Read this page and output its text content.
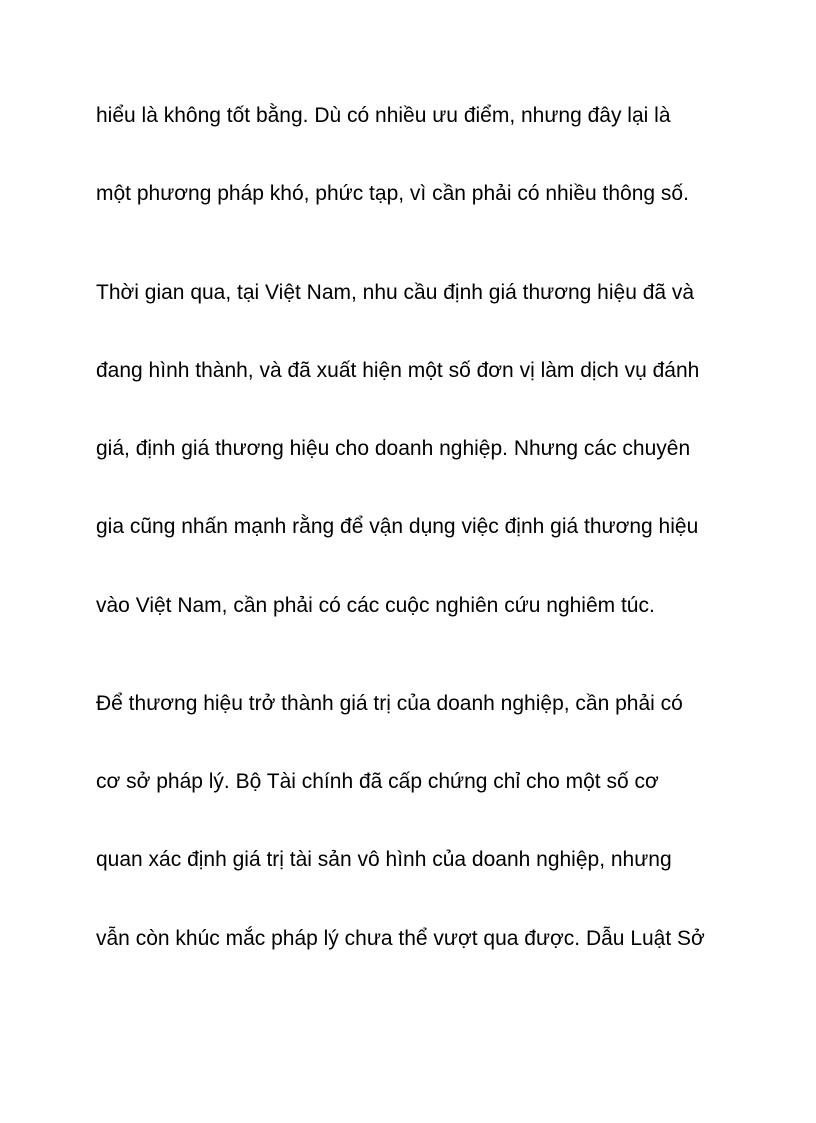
hiểu là không tốt bằng. Dù có nhiều ưu điểm, nhưng đây lại là

một phương pháp khó, phức tạp, vì cần phải có nhiều thông số.

Thời gian qua, tại Việt Nam, nhu cầu định giá thương hiệu đã và

đang hình thành, và đã xuất hiện một số đơn vị làm dịch vụ đánh

giá, định giá thương hiệu cho doanh nghiệp. Nhưng các chuyên

gia cũng nhấn mạnh rằng để vận dụng việc định giá thương hiệu

vào Việt Nam, cần phải có các cuộc nghiên cứu nghiêm túc.

Để thương hiệu trở thành giá trị của doanh nghiệp, cần phải có

cơ sở pháp lý. Bộ Tài chính đã cấp chứng chỉ cho một số cơ

quan xác định giá trị tài sản vô hình của doanh nghiệp, nhưng

vẫn còn khúc mắc pháp lý chưa thể vượt qua được. Dẫu Luật Sở
